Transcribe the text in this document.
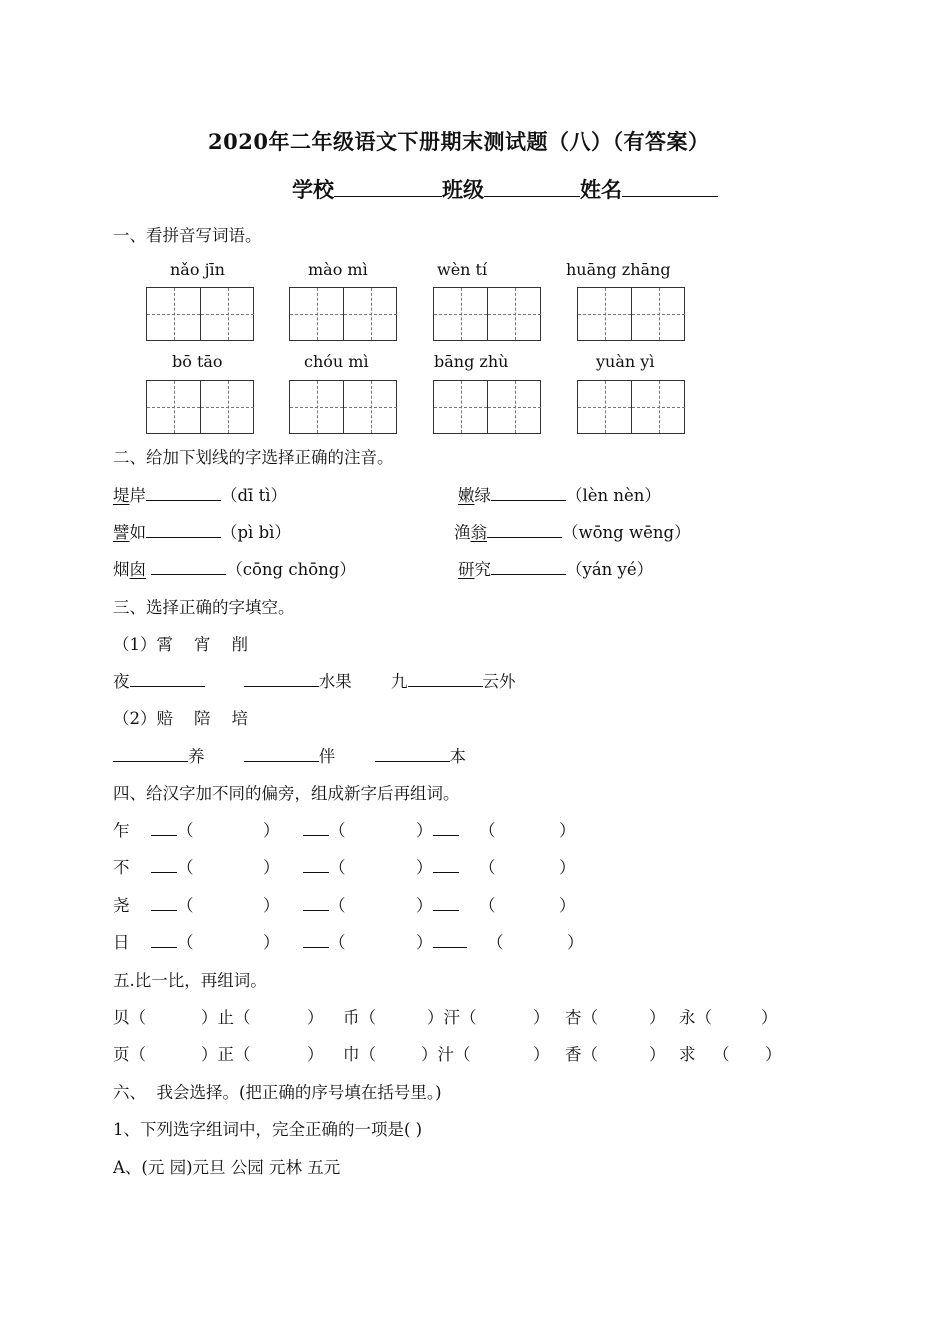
2020年二年级语文下册期末测试题（八）（有答案）
学校	班级	姓名
一、看拼音写词语。
nǎo jīn	mào mì	wèn tí	huāng zhāng
bō tāo	chóu mì	bāng zhù	yuàn yì
二、给加下划线的字选择正确的注音。
堤岸	（dī tì）	嫩绿	（lèn nèn）
譬如	（pì bì）	渔翁	（wōng wēng）
烟囱	（cōng chōng）	研究	（yán yé）
三、选择正确的字填空。
（1）霄    宵    削
夜	水果 九	云外
（2）赔    陪    培
养	伴	本
四、给汉字加不同的偏旁，组成新字后再组词。
乍	（	）	（	）	（	）
不	（	）	（	）	（	）
尧	（	）	（	）	（	）
日	（	）	（	）	（	）
五.比一比，再组词。
贝（	）止（	） 币（	）汗（	） 杏（	） 永（	）
页（	）正（	） 巾（	）汁（	） 香（	） 求 （ ）
六、  我会选择。(把正确的序号填在括号里。)
1、下列选字组词中，完全正确的一项是( )
A、(元 园)元旦 公园 元林 五元
